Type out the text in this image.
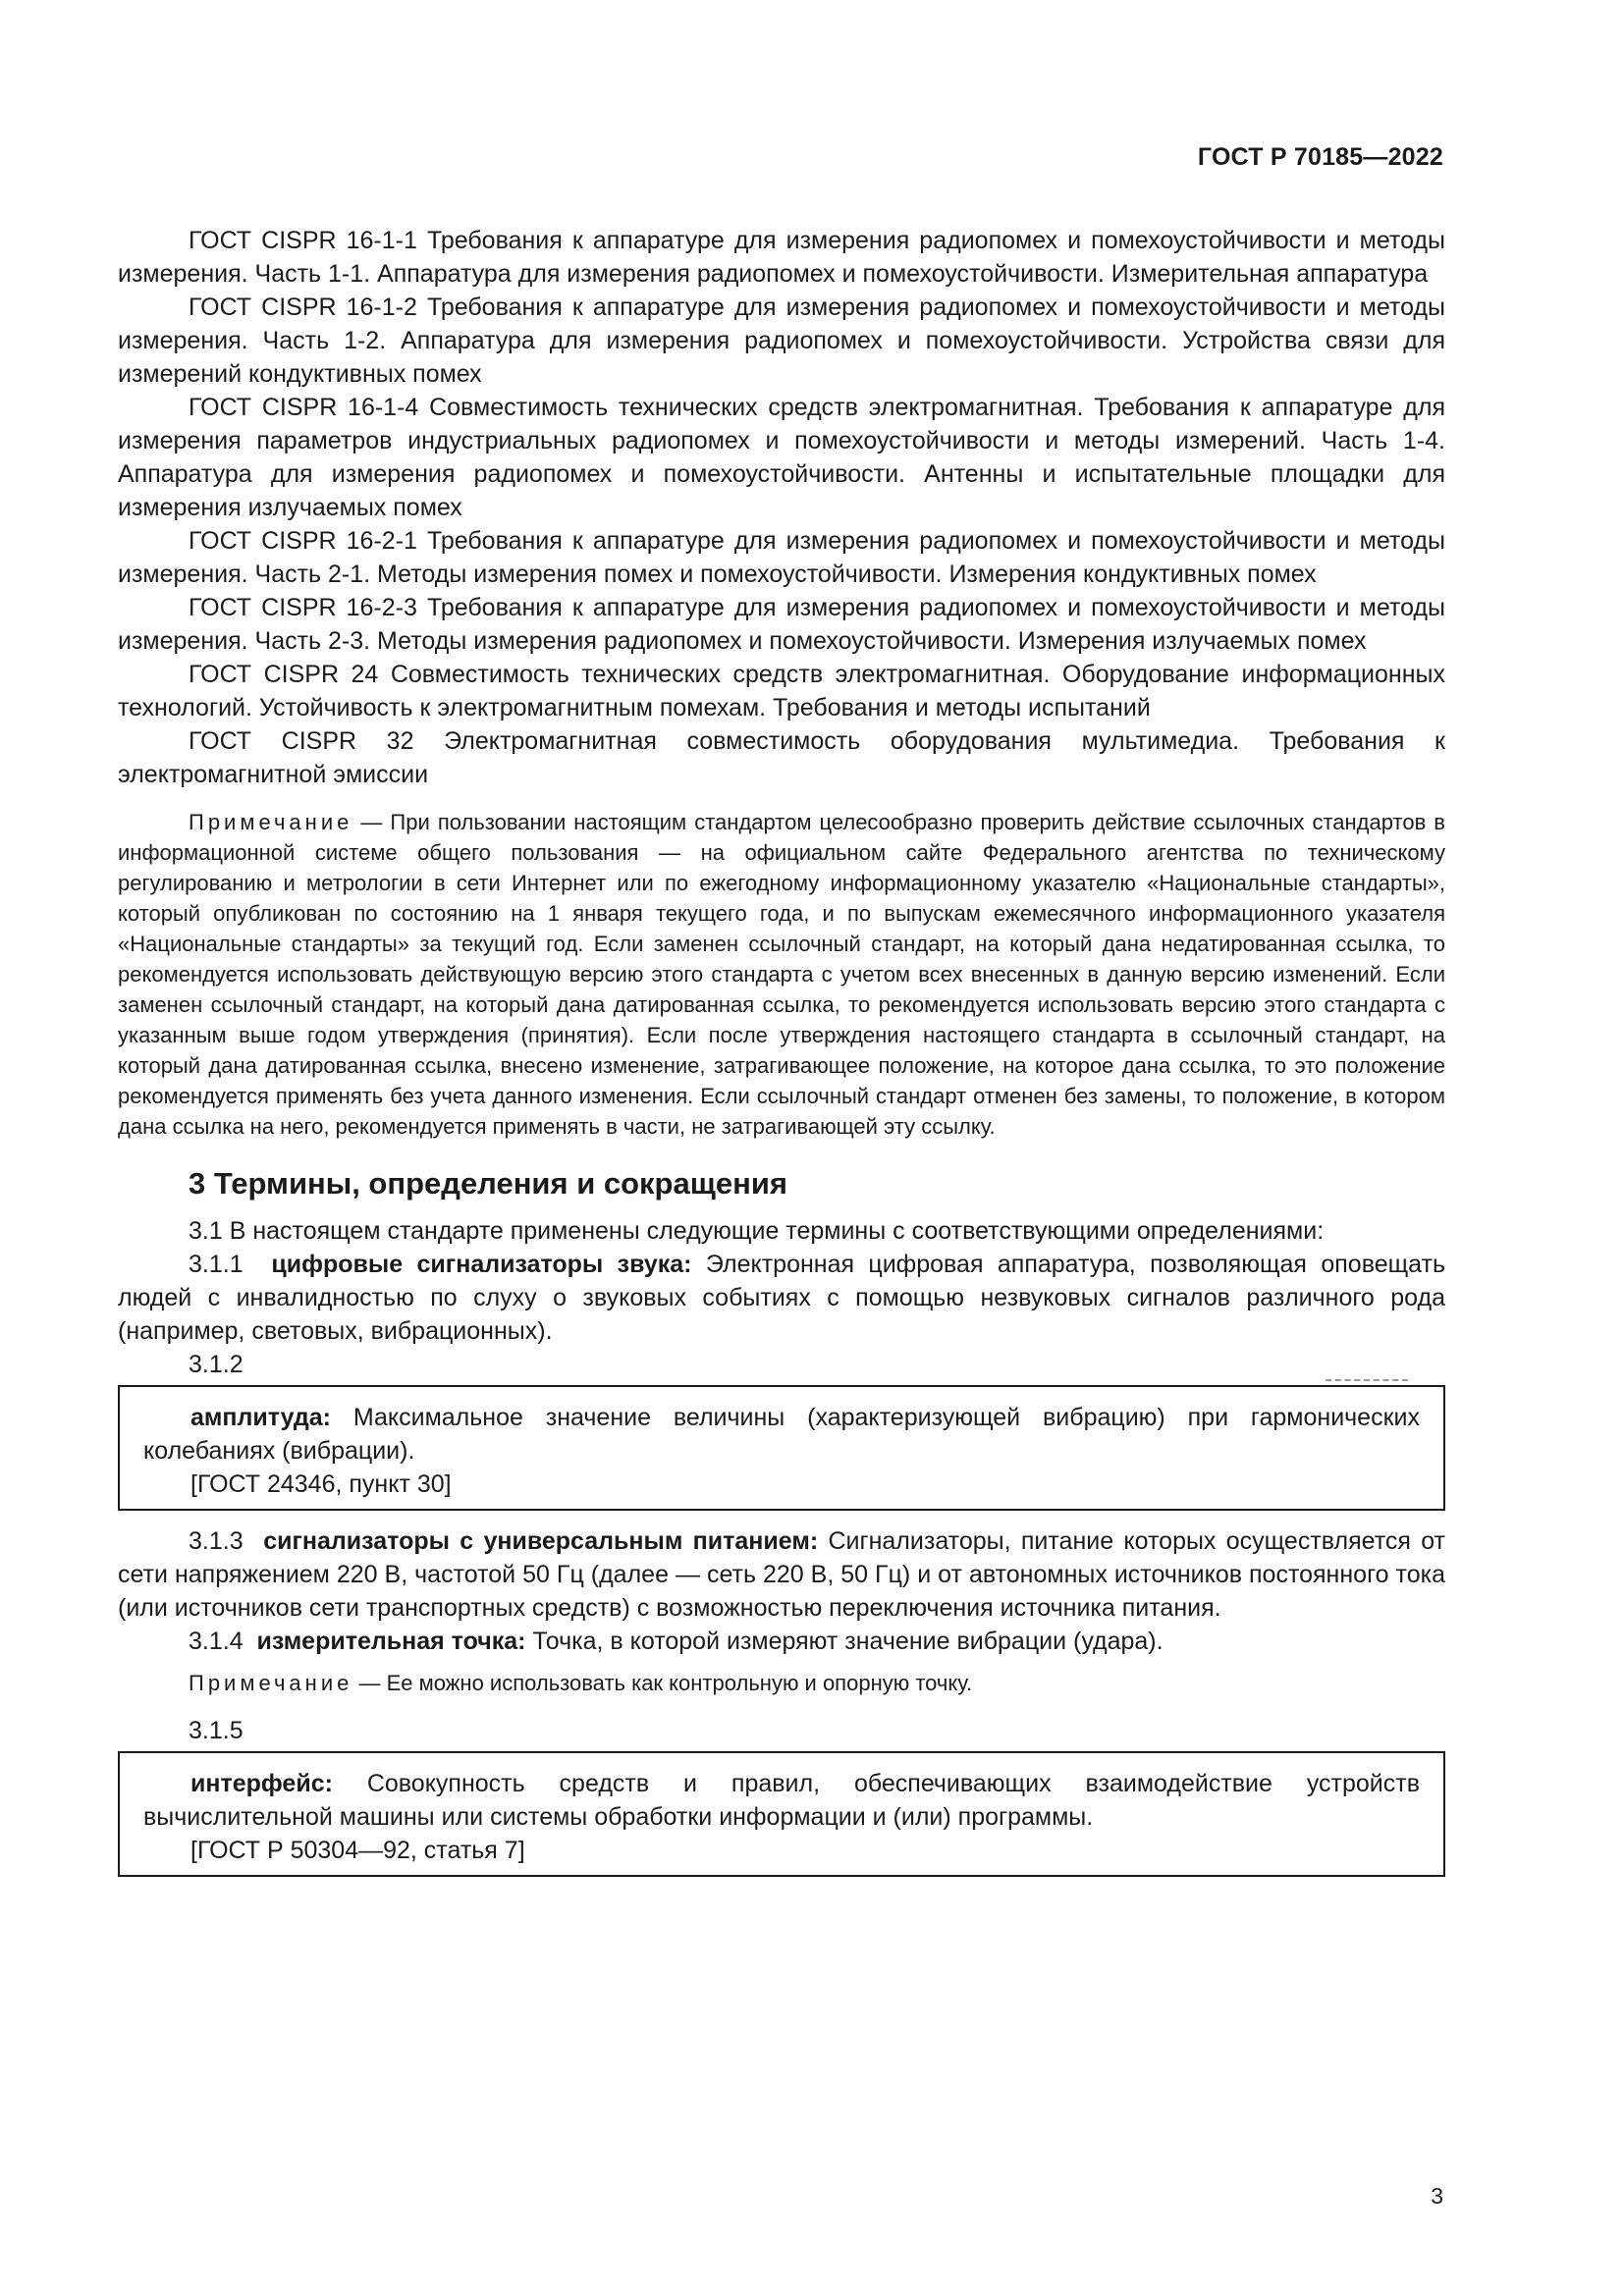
ГОСТ Р 70185—2022

ГОСТ CISPR 16-1-1 Требования к аппаратуре для измерения радиопомех и помехоустойчивости и методы измерения. Часть 1-1. Аппаратура для измерения радиопомех и помехоустойчивости. Измерительная аппаратура

ГОСТ CISPR 16-1-2 Требования к аппаратуре для измерения радиопомех и помехоустойчивости и методы измерения. Часть 1-2. Аппаратура для измерения радиопомех и помехоустойчивости. Устройства связи для измерений кондуктивных помех

ГОСТ CISPR 16-1-4 Совместимость технических средств электромагнитная. Требования к аппаратуре для измерения параметров индустриальных радиопомех и помехоустойчивости и методы измерений. Часть 1-4. Аппаратура для измерения радиопомех и помехоустойчивости. Антенны и испытательные площадки для измерения излучаемых помех

ГОСТ CISPR 16-2-1 Требования к аппаратуре для измерения радиопомех и помехоустойчивости и методы измерения. Часть 2-1. Методы измерения помех и помехоустойчивости. Измерения кондуктивных помех

ГОСТ CISPR 16-2-3 Требования к аппаратуре для измерения радиопомех и помехоустойчивости и методы измерения. Часть 2-3. Методы измерения радиопомех и помехоустойчивости. Измерения излучаемых помех

ГОСТ CISPR 24 Совместимость технических средств электромагнитная. Оборудование информационных технологий. Устойчивость к электромагнитным помехам. Требования и методы испытаний

ГОСТ CISPR 32 Электромагнитная совместимость оборудования мультимедиа. Требования к электромагнитной эмиссии

Примечание — При пользовании настоящим стандартом целесообразно проверить действие ссылочных стандартов в информационной системе общего пользования — на официальном сайте Федерального агентства по техническому регулированию и метрологии в сети Интернет или по ежегодному информационному указателю «Национальные стандарты», который опубликован по состоянию на 1 января текущего года, и по выпускам ежемесячного информационного указателя «Национальные стандарты» за текущий год. Если заменен ссылочный стандарт, на который дана недатированная ссылка, то рекомендуется использовать действующую версию этого стандарта с учетом всех внесенных в данную версию изменений. Если заменен ссылочный стандарт, на который дана датированная ссылка, то рекомендуется использовать версию этого стандарта с указанным выше годом утверждения (принятия). Если после утверждения настоящего стандарта в ссылочный стандарт, на который дана датированная ссылка, внесено изменение, затрагивающее положение, на которое дана ссылка, то это положение рекомендуется применять без учета данного изменения. Если ссылочный стандарт отменен без замены, то положение, в котором дана ссылка на него, рекомендуется применять в части, не затрагивающей эту ссылку.

3 Термины, определения и сокращения

3.1 В настоящем стандарте применены следующие термины с соответствующими определениями:

3.1.1 цифровые сигнализаторы звука: Электронная цифровая аппаратура, позволяющая оповещать людей с инвалидностью по слуху о звуковых событиях с помощью незвуковых сигналов различного рода (например, световых, вибрационных).

3.1.2

амплитуда: Максимальное значение величины (характеризующей вибрацию) при гармонических колебаниях (вибрации).

[ГОСТ 24346, пункт 30]

3.1.3 сигнализаторы с универсальным питанием: Сигнализаторы, питание которых осуществляется от сети напряжением 220 В, частотой 50 Гц (далее — сеть 220 В, 50 Гц) и от автономных источников постоянного тока (или источников сети транспортных средств) с возможностью переключения источника питания.

3.1.4 измерительная точка: Точка, в которой измеряют значение вибрации (удара).

Примечание — Ее можно использовать как контрольную и опорную точку.

3.1.5

интерфейс: Совокупность средств и правил, обеспечивающих взаимодействие устройств вычислительной машины или системы обработки информации и (или) программы.

[ГОСТ Р 50304—92, статья 7]

3
